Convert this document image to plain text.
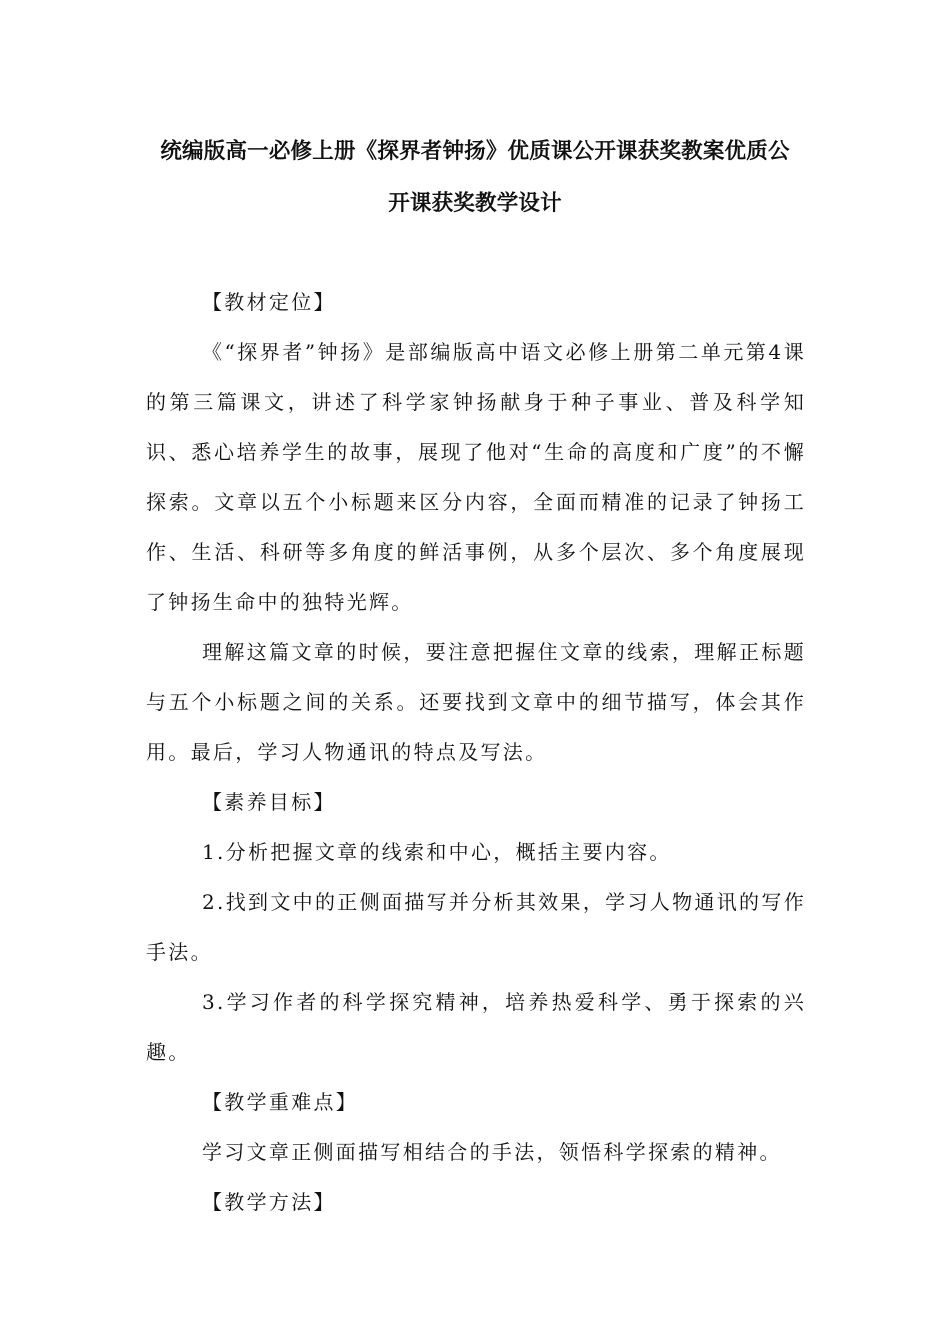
统编版高一必修上册《探界者钟扬》优质课公开课获奖教案优质公
开课获奖教学设计

【教材定位】

《“探界者”钟扬》是部编版高中语文必修上册第二单元第4课的第三篇课文，讲述了科学家钟扬献身于种子事业、普及科学知识、悉心培养学生的故事，展现了他对“生命的高度和广度”的不懈探索。文章以五个小标题来区分内容，全面而精准的记录了钟扬工作、生活、科研等多角度的鲜活事例，从多个层次、多个角度展现了钟扬生命中的独特光辉。

理解这篇文章的时候，要注意把握住文章的线索，理解正标题与五个小标题之间的关系。还要找到文章中的细节描写，体会其作用。最后，学习人物通讯的特点及写法。

【素养目标】

1.分析把握文章的线索和中心，概括主要内容。

2.找到文中的正侧面描写并分析其效果，学习人物通讯的写作手法。

3.学习作者的科学探究精神，培养热爱科学、勇于探索的兴趣。

【教学重难点】

学习文章正侧面描写相结合的手法，领悟科学探索的精神。

【教学方法】
